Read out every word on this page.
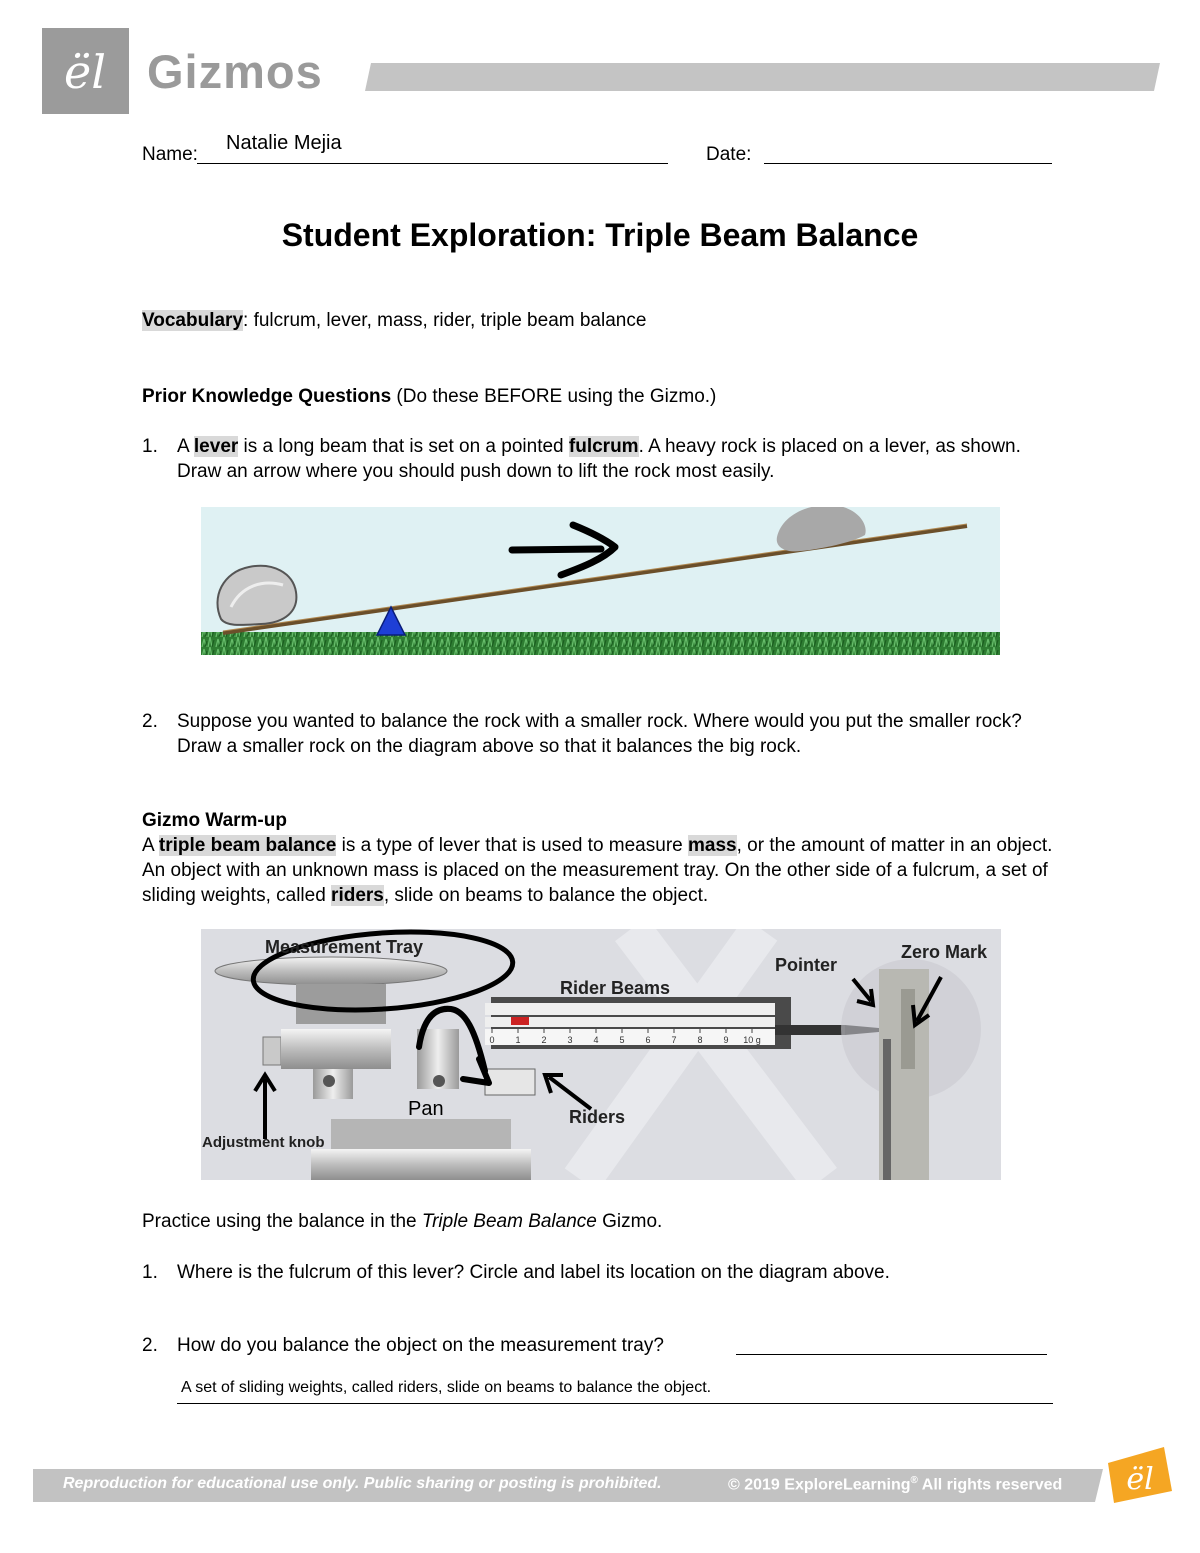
ël Gizmos
Name:
Natalie Mejia
Date:
Student Exploration: Triple Beam Balance
Vocabulary: fulcrum, lever, mass, rider, triple beam balance
Prior Knowledge Questions (Do these BEFORE using the Gizmo.)
1. A lever is a long beam that is set on a pointed fulcrum. A heavy rock is placed on a lever, as shown. Draw an arrow where you should push down to lift the rock most easily.
2. Suppose you wanted to balance the rock with a smaller rock. Where would you put the smaller rock? Draw a smaller rock on the diagram above so that it balances the big rock.
Gizmo Warm-up
A triple beam balance is a type of lever that is used to measure mass, or the amount of matter in an object. An object with an unknown mass is placed on the measurement tray. On the other side of a fulcrum, a set of sliding weights, called riders, slide on beams to balance the object.
0 1 2 3 4 5 6 7 8 9 10 g
Measurement Tray
Rider Beams
Pointer
Zero Mark
Riders
Adjustment knob
Pan
Practice using the balance in the Triple Beam Balance Gizmo.
1. Where is the fulcrum of this lever? Circle and label its location on the diagram above.
2. How do you balance the object on the measurement tray?
A set of sliding weights, called riders, slide on beams to balance the object.
Reproduction for educational use only. Public sharing or posting is prohibited.	© 2019 ExploreLearning® All rights reserved ël
